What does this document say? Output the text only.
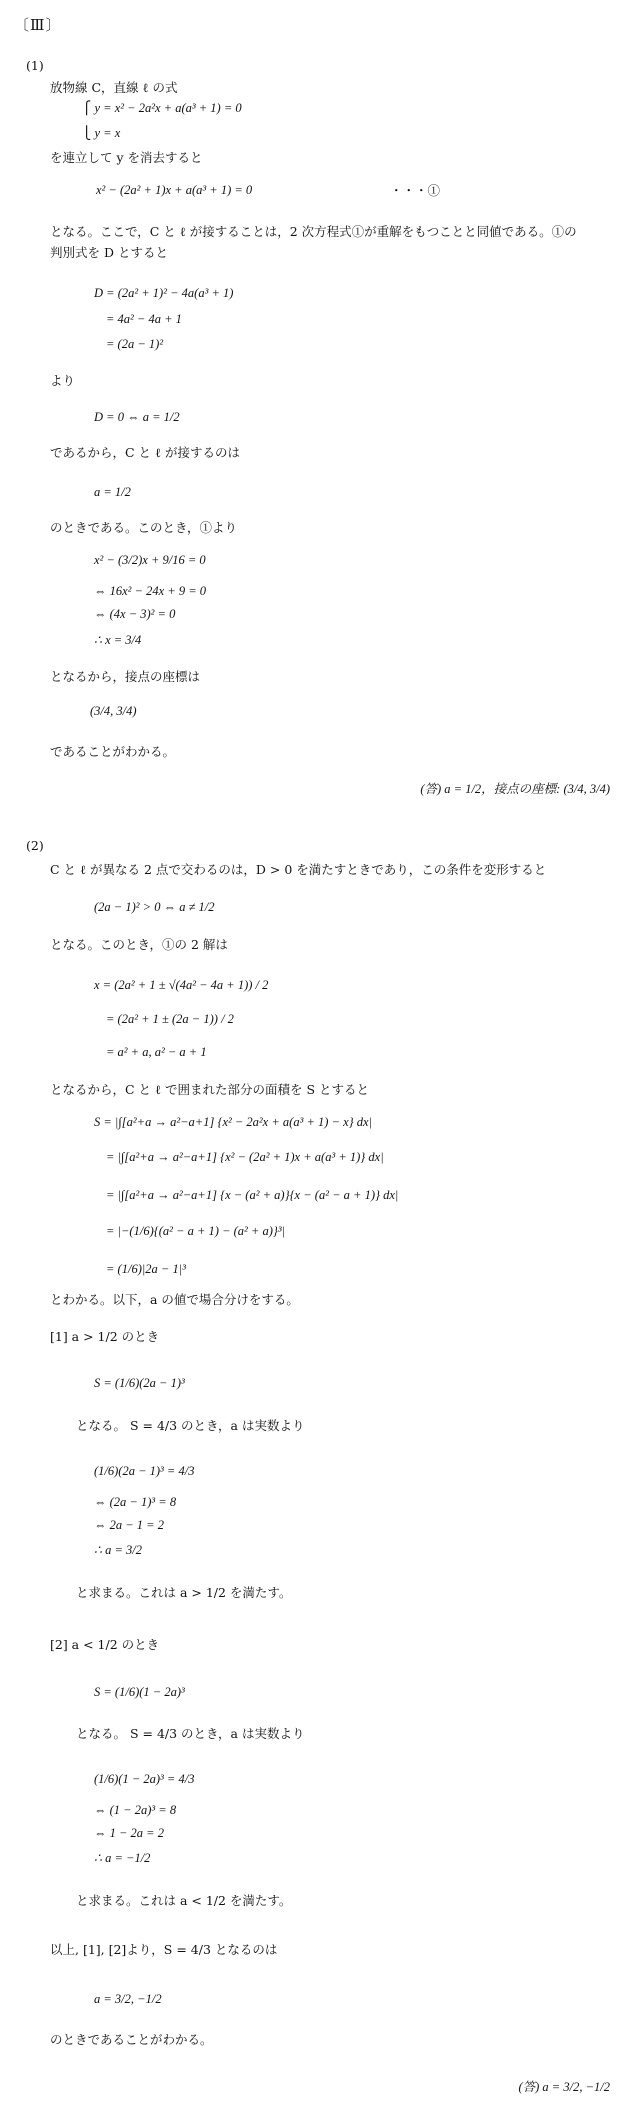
〔Ⅲ〕
(1)
放物線 C，直線 ℓ の式
⎧ y = x² − 2a²x + a(a³ + 1) = 0
⎩ y = x
を連立して y を消去すると
x² − (2a² + 1)x + a(a³ + 1) = 0	・・・①
となる。ここで，C と ℓ が接することは，2 次方程式①が重解をもつことと同値である。①の
判別式を D とすると
D = (2a² + 1)² − 4a(a³ + 1)
= 4a² − 4a + 1
= (2a − 1)²
より
D = 0 ⇔ a = 1/2
であるから，C と ℓ が接するのは
a = 1/2
のときである。このとき，①より
x² − (3/2)x + 9/16 = 0
⇔ 16x² − 24x + 9 = 0
⇔ (4x − 3)² = 0
∴ x = 3/4
となるから，接点の座標は
(3/4, 3/4)
であることがわかる。
(答) a = 1/2，接点の座標: (3/4, 3/4)
(2)
C と ℓ が異なる 2 点で交わるのは，D > 0 を満たすときであり，この条件を変形すると
(2a − 1)² > 0 ⇔ a ≠ 1/2
となる。このとき，①の 2 解は
x = (2a² + 1 ± √(4a² − 4a + 1)) / 2
= (2a² + 1 ± (2a − 1)) / 2
= a² + a, a² − a + 1
となるから，C と ℓ で囲まれた部分の面積を S とすると
S = |∫[a²+a → a²−a+1] {x² − 2a²x + a(a³ + 1) − x} dx|
= |∫[a²+a → a²−a+1] {x² − (2a² + 1)x + a(a³ + 1)} dx|
= |∫[a²+a → a²−a+1] {x − (a² + a)}{x − (a² − a + 1)} dx|
= |−(1/6){(a² − a + 1) − (a² + a)}³|
= (1/6)|2a − 1|³
とわかる。以下，a の値で場合分けをする。
[1] a > 1/2 のとき
S = (1/6)(2a − 1)³
となる。 S = 4/3 のとき，a は実数より
(1/6)(2a − 1)³ = 4/3
⇔ (2a − 1)³ = 8
⇔ 2a − 1 = 2
∴ a = 3/2
と求まる。これは a > 1/2 を満たす。
[2] a < 1/2 のとき
S = (1/6)(1 − 2a)³
となる。 S = 4/3 のとき，a は実数より
(1/6)(1 − 2a)³ = 4/3
⇔ (1 − 2a)³ = 8
⇔ 1 − 2a = 2
∴ a = −1/2
と求まる。これは a < 1/2 を満たす。
以上, [1], [2]より，S = 4/3 となるのは
a = 3/2, −1/2
のときであることがわかる。
(答) a = 3/2, −1/2
